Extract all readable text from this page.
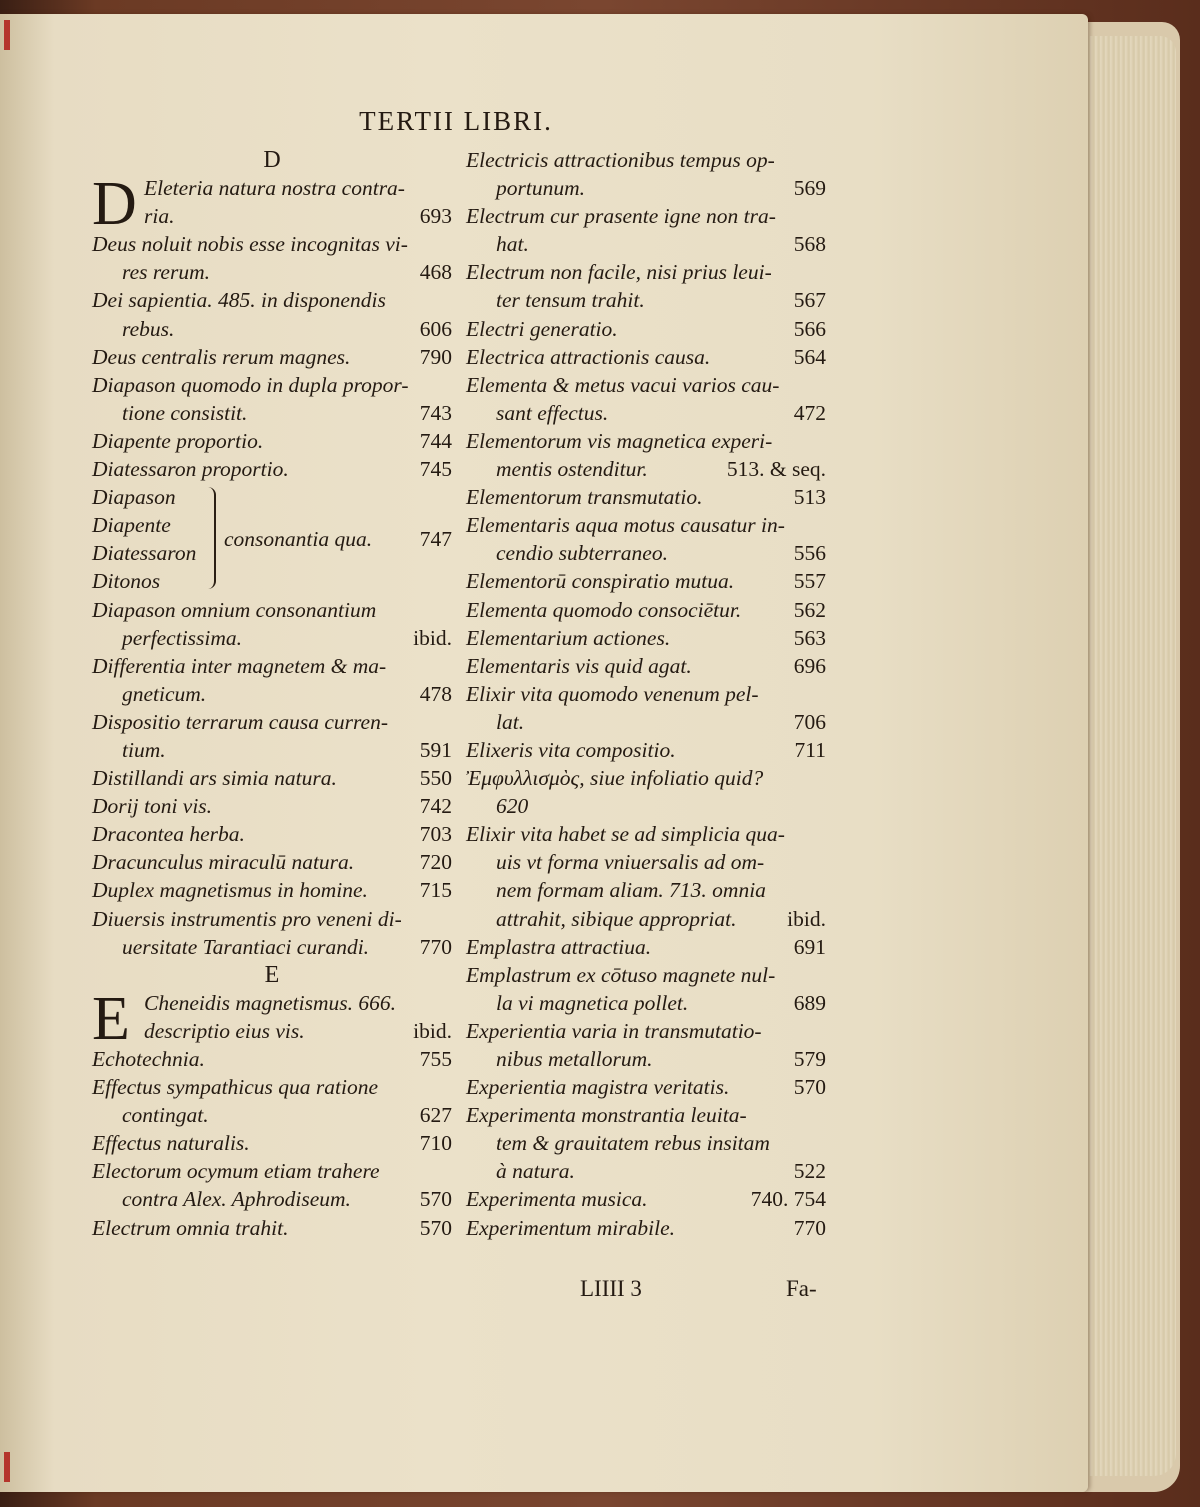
TERTII LIBRI.
D
D Eleteria natura nostra contra-
ria.	693
Deus noluit nobis esse incognitas vi-
res rerum.	468
Dei sapientia. 485. in disponendis
rebus.	606
Deus centralis rerum magnes.	790
Diapason quomodo in dupla propor-
tione consistit.	743
Diapente proportio.	744
Diatessaron proportio.	745
Diapason
Diapente
Diatessaron
Ditonos
consonantia qua. 747
Diapason omnium consonantium
perfectissima.	ibid.
Differentia inter magnetem & ma-
gneticum.	478
Dispositio terrarum causa curren-
tium.	591
Distillandi ars simia natura.	550
Dorij toni vis.	742
Dracontea herba.	703
Dracunculus miraculū natura.	720
Duplex magnetismus in homine. 715
Diuersis instrumentis pro veneni di-
uersitate Tarantiaci curandi. 770
E
E Cheneidis magnetismus. 666.
descriptio eius vis.	ibid.
Echotechnia.	755
Effectus sympathicus qua ratione
contingat.	627
Effectus naturalis.	710
Electorum ocymum etiam trahere
contra Alex. Aphrodiseum.	570
Electrum omnia trahit.	570
Electricis attractionibus tempus op-
portunum.	569
Electrum cur prasente igne non tra-
hat.	568
Electrum non facile, nisi prius leui-
ter tensum trahit.	567
Electri generatio.	566
Electrica attractionis causa.	564
Elementa & metus vacui varios cau-
sant effectus.	472
Elementorum vis magnetica experi-
mentis ostenditur.	513. & seq.
Elementorum transmutatio.	513
Elementaris aqua motus causatur in-
cendio subterraneo.	556
Elementorū conspiratio mutua.	557
Elementa quomodo consociētur. 562
Elementarium actiones.	563
Elementaris vis quid agat.	696
Elixir vita quomodo venenum pel-
lat.	706
Elixeris vita compositio.	711
Ἐμφυλλισμὸς, siue infoliatio quid?
620
Elixir vita habet se ad simplicia qua-
uis vt forma vniuersalis ad om-
nem formam aliam. 713. omnia
attrahit, sibique appropriat. ibid.
Emplastra attractiua.	691
Emplastrum ex cōtuso magnete nul-
la vi magnetica pollet.	689
Experientia varia in transmutatio-
nibus metallorum.	579
Experientia magistra veritatis.	570
Experimenta monstrantia leuita-
tem & grauitatem rebus insitam
à natura.	522
Experimenta musica.	740. 754
Experimentum mirabile.	770
LIIII 3	Fa-
